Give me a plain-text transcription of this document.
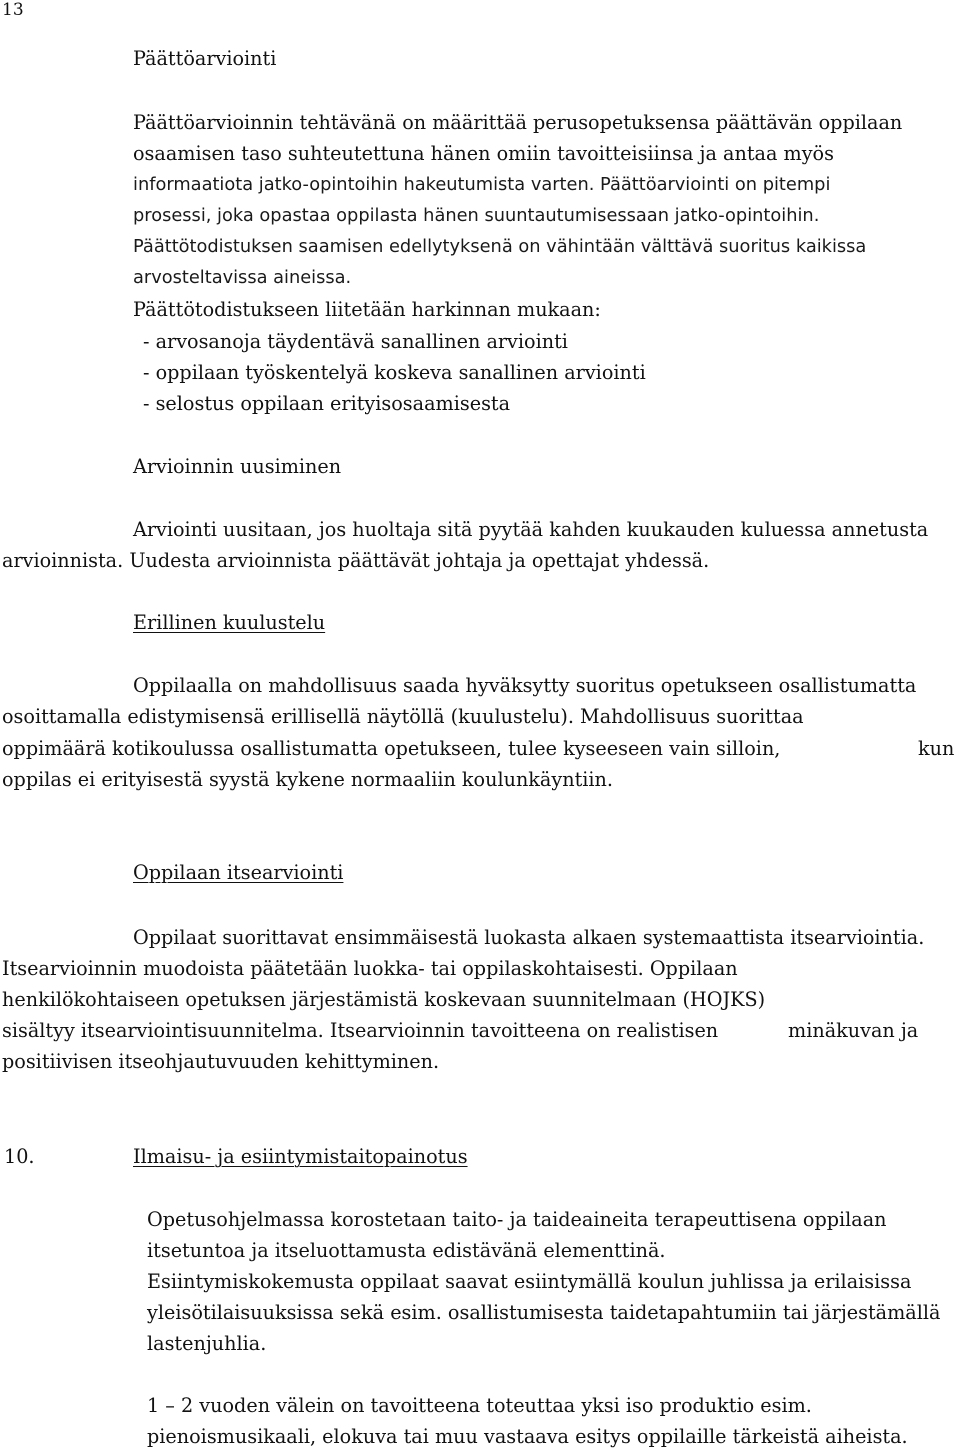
13
Päättöarviointi
Päättöarvioinnin tehtävänä on määrittää perusopetuksensa päättävän oppilaan
osaamisen taso suhteutettuna hänen omiin tavoitteisiinsa ja antaa myös
informaatiota jatko-opintoihin hakeutumista varten. Päättöarviointi on pitempi
prosessi, joka opastaa oppilasta hänen suuntautumisessaan jatko-opintoihin.
Päättötodistuksen saamisen edellytyksenä on vähintään välttävä suoritus kaikissa
arvosteltavissa aineissa.
Päättötodistukseen liitetään harkinnan mukaan:
- arvosanoja täydentävä sanallinen arviointi
- oppilaan työskentelyä koskeva sanallinen arviointi
- selostus oppilaan erityisosaamisesta
Arvioinnin uusiminen
Arviointi uusitaan, jos huoltaja sitä pyytää kahden kuukauden kuluessa annetusta
arvioinnista. Uudesta arvioinnista päättävät johtaja ja opettajat yhdessä.
Erillinen kuulustelu
Oppilaalla on mahdollisuus saada hyväksytty suoritus opetukseen osallistumatta
osoittamalla edistymisensä erillisellä näytöllä (kuulustelu). Mahdollisuus suorittaa
oppimäärä kotikoulussa osallistumatta opetukseen, tulee kyseeseen vain silloin,	kun
oppilas ei erityisestä syystä kykene normaaliin koulunkäyntiin.
Oppilaan itsearviointi
Oppilaat suorittavat ensimmäisestä luokasta alkaen systemaattista itsearviointia.
Itsearvioinnin muodoista päätetään luokka- tai oppilaskohtaisesti. Oppilaan
henkilökohtaiseen opetuksen järjestämistä koskevaan suunnitelmaan (HOJKS)
sisältyy itsearviointisuunnitelma. Itsearvioinnin tavoitteena on realistisen	minäkuvan ja
positiivisen itseohjautuvuuden kehittyminen.
10.	Ilmaisu- ja esiintymistaitopainotus
Opetusohjelmassa korostetaan taito- ja taideaineita terapeuttisena oppilaan
itsetuntoa ja itseluottamusta edistävänä elementtinä.
Esiintymiskokemusta oppilaat saavat esiintymällä koulun juhlissa ja erilaisissa
yleisötilaisuuksissa sekä esim. osallistumisesta taidetapahtumiin tai järjestämällä
lastenjuhlia.
1 – 2 vuoden välein on tavoitteena toteuttaa yksi iso produktio esim.
pienoismusikaali, elokuva tai muu vastaava esitys oppilaille tärkeistä aiheista.
